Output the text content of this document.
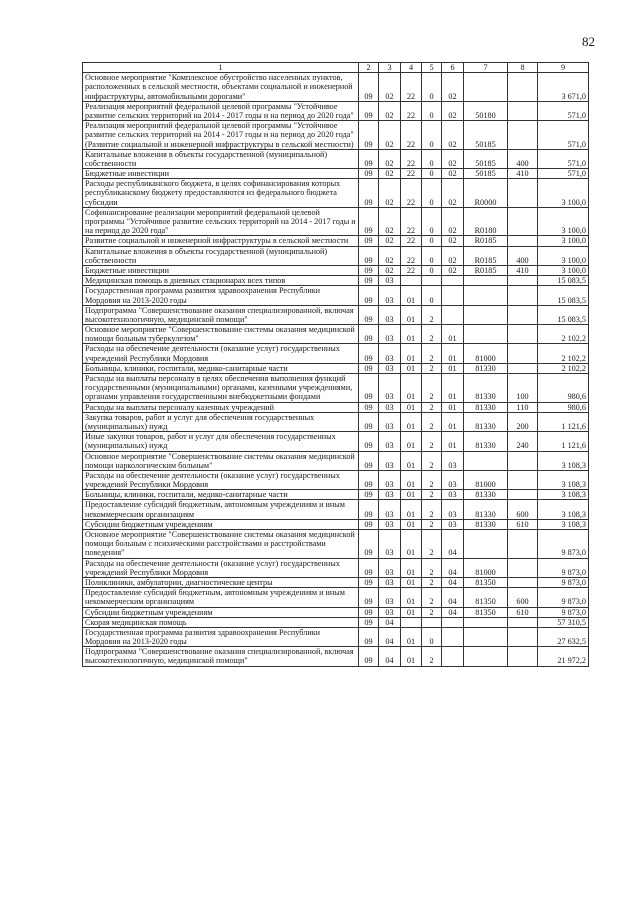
82
1	2	3	4	5	6	7	8	9
Основное мероприятие "Комплексное обустройство населенных пунктов, расположенных в сельской местности, объектами социальной и инженерной инфраструктуры, автомобильными дорогами"	09	02	22	0	02			3 671,0
Реализация мероприятий федеральной целевой программы "Устойчивое развитие сельских территорий на 2014 - 2017 годы и на период до 2020 года"	09	02	22	0	02	50180		571,0
Реализация мероприятий федеральной целевой программы "Устойчивое развитие сельских территорий на 2014 - 2017 годы и на период до 2020 года" (Развитие социальной и инженерной инфраструктуры в сельской местности)	09	02	22	0	02	50185		571,0
Капитальные вложения в объекты государственной (муниципальной) собственности	09	02	22	0	02	50185	400	571,0
Бюджетные инвестиции	09	02	22	0	02	50185	410	571,0
Расходы республиканского бюджета, в целях софинансирования которых республиканскому бюджету предоставляются из федерального бюджета субсидии	09	02	22	0	02	R0000		3 100,0
Софинансирование реализации мероприятий федеральной целевой программы "Устойчивое развитие сельских территорий на 2014 - 2017 годы и на период до 2020 года"	09	02	22	0	02	R0180		3 100,0
Развитие социальной и инженерной инфраструктуры в сельской местности	09	02	22	0	02	R0185		3 100,0
Капитальные вложения в объекты государственной (муниципальной) собственности	09	02	22	0	02	R0185	400	3 100,0
Бюджетные инвестиции	09	02	22	0	02	R0185	410	3 100,0
Медицинская помощь в дневных стационарах всех типов	09	03						15 083,5
Государственная программа развития здравоохранения Республики Мордовия на 2013-2020 годы	09	03	01	0				15 083,5
Подпрограмма "Совершенствование оказания специализированной, включая высокотехнологичную, медицинской помощи"	09	03	01	2				15 083,5
Основное мероприятие "Совершенствование системы оказания медицинской помощи больным туберкулезом"	09	03	01	2	01			2 102,2
Расходы на обеспечение деятельности (оказание услуг) государственных учреждений Республики Мордовия	09	03	01	2	01	81000		2 102,2
Больницы, клиники, госпитали, медико-санитарные части	09	03	01	2	01	81330		2 102,2
Расходы на выплаты персоналу в целях обеспечения выполнения функций государственными (муниципальными) органами, казенными учреждениями, органами управления государственными внебюджетными фондами	09	03	01	2	01	81330	100	980,6
Расходы на выплаты персоналу казенных учреждений	09	03	01	2	01	81330	110	980,6
Закупка товаров, работ и услуг для обеспечения государственных (муниципальных) нужд	09	03	01	2	01	81330	200	1 121,6
Иные закупки товаров, работ и услуг для обеспечения государственных (муниципальных) нужд	09	03	01	2	01	81330	240	1 121,6
Основное мероприятие "Совершенствование системы оказания медицинской помощи наркологическим больным"	09	03	01	2	03			3 108,3
Расходы на обеспечение деятельности (оказание услуг) государственных учреждений Республики Мордовия	09	03	01	2	03	81000		3 108,3
Больницы, клиники, госпитали, медико-санитарные части	09	03	01	2	03	81330		3 108,3
Предоставление субсидий бюджетным, автономным учреждениям и иным некоммерческим организациям	09	03	01	2	03	81330	600	3 108,3
Субсидии бюджетным учреждениям	09	03	01	2	03	81330	610	3 108,3
Основное мероприятие "Совершенствование системы оказания медицинской помощи больным с психическими расстройствами и расстройствами поведения"	09	03	01	2	04			9 873,0
Расходы на обеспечение деятельности (оказание услуг) государственных учреждений Республики Мордовия	09	03	01	2	04	81000		9 873,0
Поликлиники, амбулатории, диагностические центры	09	03	01	2	04	81350		9 873,0
Предоставление субсидий бюджетным, автономным учреждениям и иным некоммерческим организациям	09	03	01	2	04	81350	600	9 873,0
Субсидии бюджетным учреждениям	09	03	01	2	04	81350	610	9 873,0
Скорая медицинская помощь	09	04						57 310,5
Государственная программа развития здравоохранения Республики Мордовия на 2013-2020 годы	09	04	01	0				27 632,5
Подпрограмма "Совершенствование оказания специализированной, включая высокотехнологичную, медицинской помощи"	09	04	01	2				21 972,2
